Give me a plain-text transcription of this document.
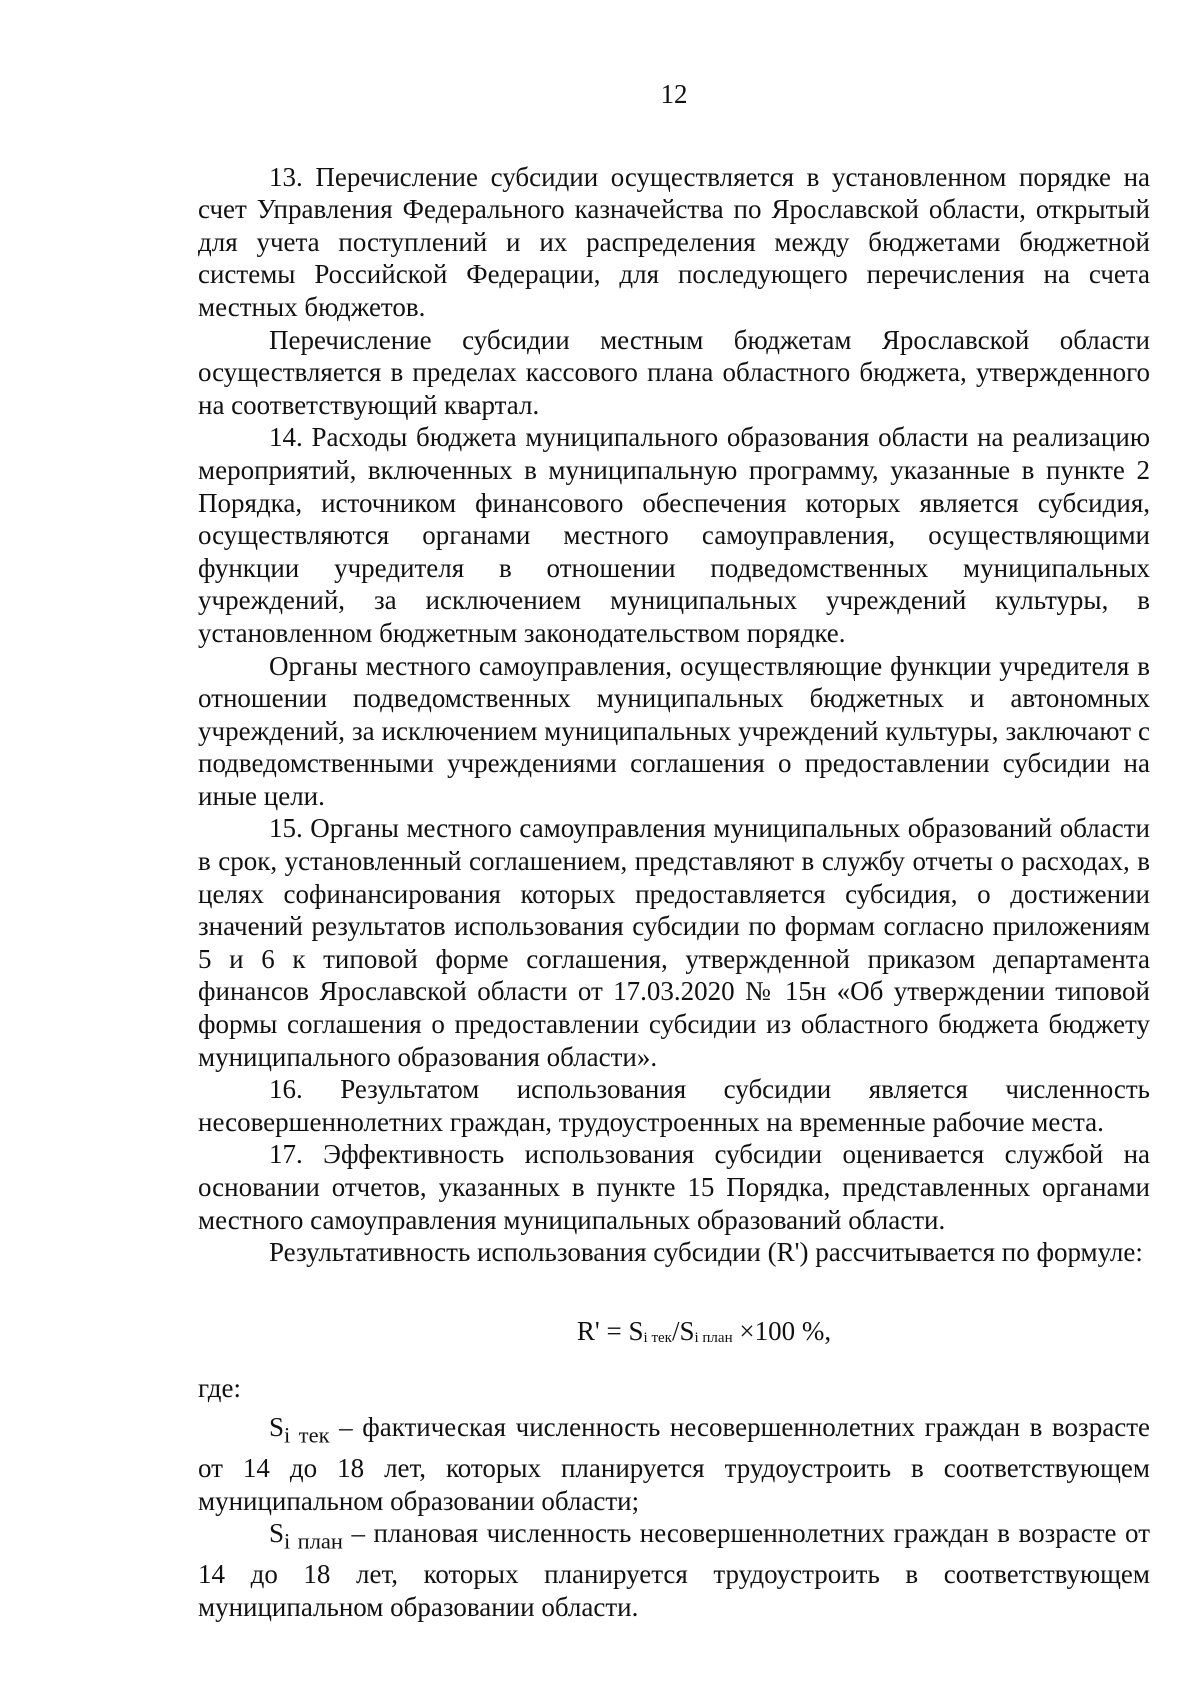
12

13. Перечисление субсидии осуществляется в установленном порядке на счет Управления Федерального казначейства по Ярославской области, открытый для учета поступлений и их распределения между бюджетами бюджетной системы Российской Федерации, для последующего перечисления на счета местных бюджетов.

Перечисление субсидии местным бюджетам Ярославской области осуществляется в пределах кассового плана областного бюджета, утвержденного на соответствующий квартал.

14. Расходы бюджета муниципального образования области на реализацию мероприятий, включенных в муниципальную программу, указанные в пункте 2 Порядка, источником финансового обеспечения которых является субсидия, осуществляются органами местного самоуправления, осуществляющими функции учредителя в отношении подведомственных муниципальных учреждений, за исключением муниципальных учреждений культуры, в установленном бюджетным законодательством порядке.

Органы местного самоуправления, осуществляющие функции учредителя в отношении подведомственных муниципальных бюджетных и автономных учреждений, за исключением муниципальных учреждений культуры, заключают с подведомственными учреждениями соглашения о предоставлении субсидии на иные цели.

15. Органы местного самоуправления муниципальных образований области в срок, установленный соглашением, представляют в службу отчеты о расходах, в целях софинансирования которых предоставляется субсидия, о достижении значений результатов использования субсидии по формам согласно приложениям 5 и 6 к типовой форме соглашения, утвержденной приказом департамента финансов Ярославской области от 17.03.2020 № 15н «Об утверждении типовой формы соглашения о предоставлении субсидии из областного бюджета бюджету муниципального образования области».

16. Результатом использования субсидии является численность несовершеннолетних граждан, трудоустроенных на временные рабочие места.

17. Эффективность использования субсидии оценивается службой на основании отчетов, указанных в пункте 15 Порядка, представленных органами местного самоуправления муниципальных образований области.

Результативность использования субсидии (R') рассчитывается по формуле:

$R' = S_{i тек}/S_{i план} \times 100$ %,

где:

$S_{i тек}$ – фактическая численность несовершеннолетних граждан в возрасте от 14 до 18 лет, которых планируется трудоустроить в соответствующем муниципальном образовании области;

$S_{i план}$ – плановая численность несовершеннолетних граждан в возрасте от 14 до 18 лет, которых планируется трудоустроить в соответствующем муниципальном образовании области.
